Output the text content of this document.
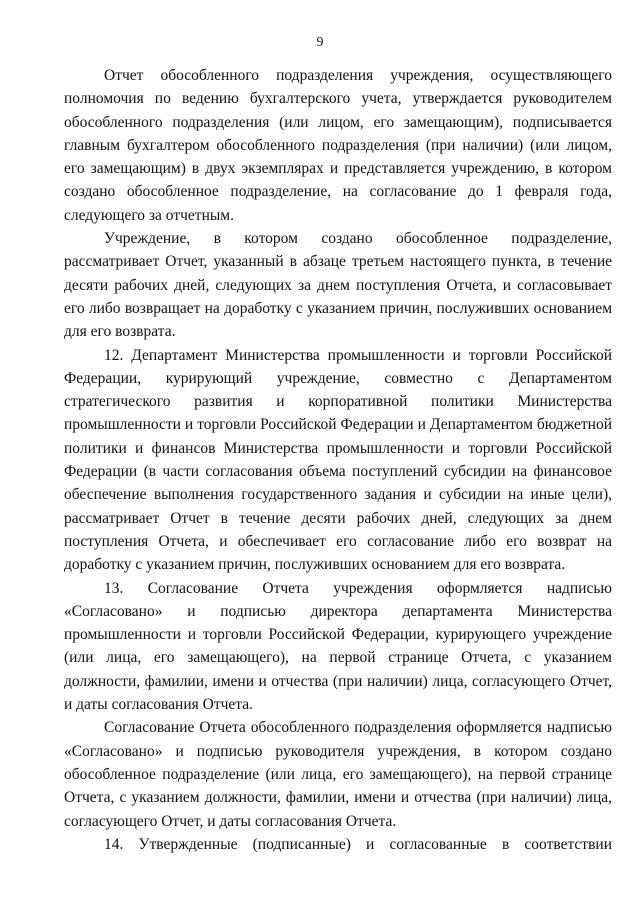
9

Отчет обособленного подразделения учреждения, осуществляющего полномочия по ведению бухгалтерского учета, утверждается руководителем обособленного подразделения (или лицом, его замещающим), подписывается главным бухгалтером обособленного подразделения (при наличии) (или лицом, его замещающим) в двух экземплярах и представляется учреждению, в котором создано обособленное подразделение, на согласование до 1 февраля года, следующего за отчетным.

Учреждение, в котором создано обособленное подразделение, рассматривает Отчет, указанный в абзаце третьем настоящего пункта, в течение десяти рабочих дней, следующих за днем поступления Отчета, и согласовывает его либо возвращает на доработку с указанием причин, послуживших основанием для его возврата.

12. Департамент Министерства промышленности и торговли Российской Федерации, курирующий учреждение, совместно с Департаментом стратегического развития и корпоративной политики Министерства промышленности и торговли Российской Федерации и Департаментом бюджетной политики и финансов Министерства промышленности и торговли Российской Федерации (в части согласования объема поступлений субсидии на финансовое обеспечение выполнения государственного задания и субсидии на иные цели), рассматривает Отчет в течение десяти рабочих дней, следующих за днем поступления Отчета, и обеспечивает его согласование либо его возврат на доработку с указанием причин, послуживших основанием для его возврата.

13. Согласование Отчета учреждения оформляется надписью «Согласовано» и подписью директора департамента Министерства промышленности и торговли Российской Федерации, курирующего учреждение (или лица, его замещающего), на первой странице Отчета, с указанием должности, фамилии, имени и отчества (при наличии) лица, согласующего Отчет, и даты согласования Отчета.

Согласование Отчета обособленного подразделения оформляется надписью «Согласовано» и подписью руководителя учреждения, в котором создано обособленное подразделение (или лица, его замещающего), на первой странице Отчета, с указанием должности, фамилии, имени и отчества (при наличии) лица, согласующего Отчет, и даты согласования Отчета.

14. Утвержденные (подписанные) и согласованные в соответствии
